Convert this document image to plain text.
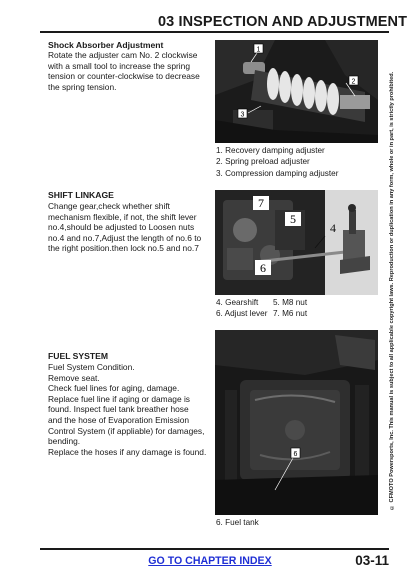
03 INSPECTION AND ADJUSTMENT
Shock Absorber Adjustment
Rotate the adjuster cam No. 2 clockwise
with a small tool to increase the spring
tension or counter-clockwise to decrease
the spring tension.
1
2
3
1. Recovery damping adjuster
2. Spring preload adjuster
3. Compression damping adjuster
SHIFT LINKAGE
Change gear,check whether shift
mechanism flexible, if not, the shift lever
no.4,should be adjusted to Loosen nuts
no.4 and no.7,Adjust the length of no.6 to
the right position.then lock no.5 and no.7
7
5
4
6
4. Gearshift 5. M8 nut
6. Adjust lever 7. M6 nut
FUEL SYSTEM
Fuel System Condition.
Remove seat.
Check fuel lines for aging, damage.
Replace fuel line if aging or damage is
found. Inspect fuel tank breather hose
and the hose of Evaporation Emission
Control System (if appliable) for damages,
bending.
Replace the hoses if any damage is found.	6
6. Fuel tank
© CFMOTO Powersports, Inc. This manual is subject to all applicable copyright laws. Reproduction or duplication in any form, whole or in part, is strictly prohibited.
GO TO CHAPTER INDEX	03-11
